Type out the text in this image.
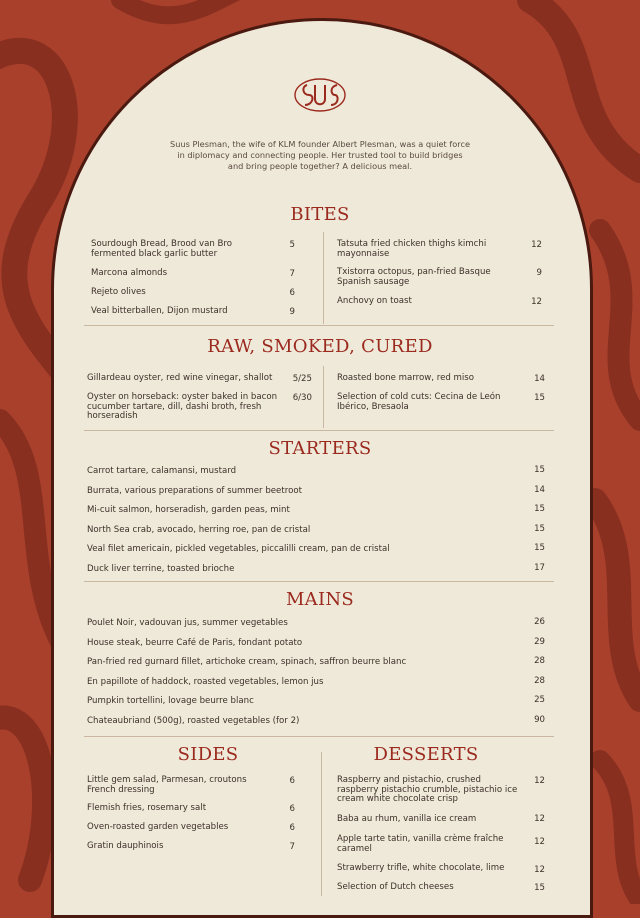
Suus Plesman, the wife of KLM founder Albert Plesman, was a quiet force in diplomacy and connecting people. Her trusted tool to build bridges and bring people together? A delicious meal.
BITES
Sourdough Bread, Brood van Bro fermented black garlic butter
5
Marcona almonds	7
Rejeto olives	6
Veal bitterballen, Dijon mustard	9
Tatsuta fried chicken thighs kimchi mayonnaise
12
Txistorra octopus, pan-fried Basque Spanish sausage
9
Anchovy on toast	12
RAW, SMOKED, CURED
Gillardeau oyster, red wine vinegar, shallot	5/25
Oyster on horseback: oyster baked in bacon cucumber tartare, dill, dashi broth, fresh horseradish
6/30
Roasted bone marrow, red miso	14
Selection of cold cuts: Cecina de León Ibérico, Bresaola
15
STARTERS
Carrot tartare, calamansi, mustard	15
Burrata, various preparations of summer beetroot	14
Mi-cuit salmon, horseradish, garden peas, mint	15
North Sea crab, avocado, herring roe, pan de cristal	15
Veal filet americain, pickled vegetables, piccalilli cream, pan de cristal	15
Duck liver terrine, toasted brioche	17
MAINS
Poulet Noir, vadouvan jus, summer vegetables	26
House steak, beurre Café de Paris, fondant potato	29
Pan-fried red gurnard fillet, artichoke cream, spinach, saffron beurre blanc	28
En papillote of haddock, roasted vegetables, lemon jus	28
Pumpkin tortellini, lovage beurre blanc	25
Chateaubriand (500g), roasted vegetables (for 2)	90
SIDES	DESSERTS
Little gem salad, Parmesan, croutons French dressing
6
Flemish fries, rosemary salt	6
Oven-roasted garden vegetables	6
Gratin dauphinois	7
Raspberry and pistachio, crushed raspberry pistachio crumble, pistachio ice cream white chocolate crisp
12
Baba au rhum, vanilla ice cream	12
Apple tarte tatin, vanilla crème fraîche caramel
12
Strawberry trifle, white chocolate, lime	12
Selection of Dutch cheeses	15
